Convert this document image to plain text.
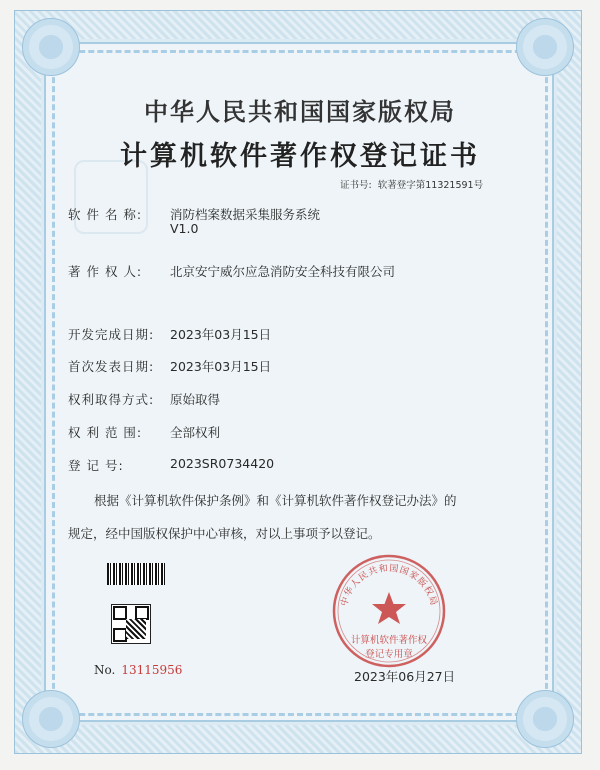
中华人民共和国国家版权局
计算机软件著作权登记证书
证书号: 软著登字第11321591号
软 件 名 称:	消防档案数据采集服务系统
V1.0
著 作 权 人:	北京安宁威尔应急消防安全科技有限公司
开发完成日期:	2023年03月15日
首次发表日期:	2023年03月15日
权利取得方式:	原始取得
权 利 范 围:	全部权利
登 记 号:	2023SR0734420
根据《计算机软件保护条例》和《计算机软件著作权登记办法》的
规定，经中国版权保护中心审核，对以上事项予以登记。
No. 13115956
中华人民共和国国家版权局
计算机软件著作权
登记专用章
2023年06月27日
